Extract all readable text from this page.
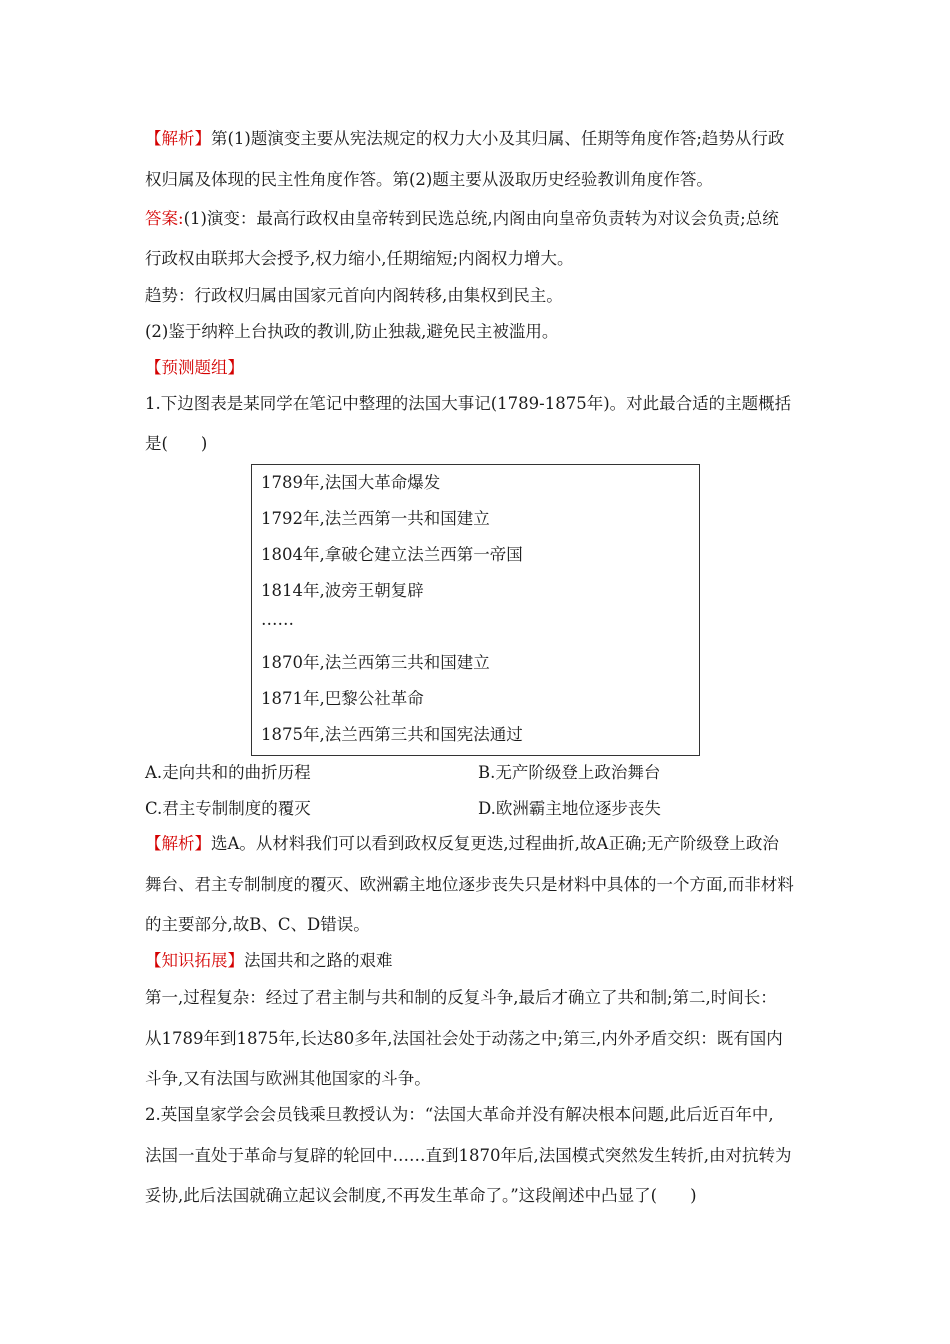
【解析】第(1)题演变主要从宪法规定的权力大小及其归属、任期等角度作答;趋势从行政
权归属及体现的民主性角度作答。第(2)题主要从汲取历史经验教训角度作答。
答案:(1)演变：最高行政权由皇帝转到民选总统,内阁由向皇帝负责转为对议会负责;总统
行政权由联邦大会授予,权力缩小,任期缩短;内阁权力增大。
趋势：行政权归属由国家元首向内阁转移,由集权到民主。
(2)鉴于纳粹上台执政的教训,防止独裁,避免民主被滥用。
【预测题组】
1.下边图表是某同学在笔记中整理的法国大事记(1789-1875年)。对此最合适的主题概括
是(　　)
1789年,法国大革命爆发
1792年,法兰西第一共和国建立
1804年,拿破仑建立法兰西第一帝国
1814年,波旁王朝复辟
……
1870年,法兰西第三共和国建立
1871年,巴黎公社革命
1875年,法兰西第三共和国宪法通过
A.走向共和的曲折历程	B.无产阶级登上政治舞台
C.君主专制制度的覆灭	D.欧洲霸主地位逐步丧失
【解析】选A。从材料我们可以看到政权反复更迭,过程曲折,故A正确;无产阶级登上政治
舞台、君主专制制度的覆灭、欧洲霸主地位逐步丧失只是材料中具体的一个方面,而非材料
的主要部分,故B、C、D错误。
【知识拓展】法国共和之路的艰难
第一,过程复杂：经过了君主制与共和制的反复斗争,最后才确立了共和制;第二,时间长：
从1789年到1875年,长达80多年,法国社会处于动荡之中;第三,内外矛盾交织：既有国内
斗争,又有法国与欧洲其他国家的斗争。
2.英国皇家学会会员钱乘旦教授认为：“法国大革命并没有解决根本问题,此后近百年中,
法国一直处于革命与复辟的轮回中……直到1870年后,法国模式突然发生转折,由对抗转为
妥协,此后法国就确立起议会制度,不再发生革命了。”这段阐述中凸显了(　　)
